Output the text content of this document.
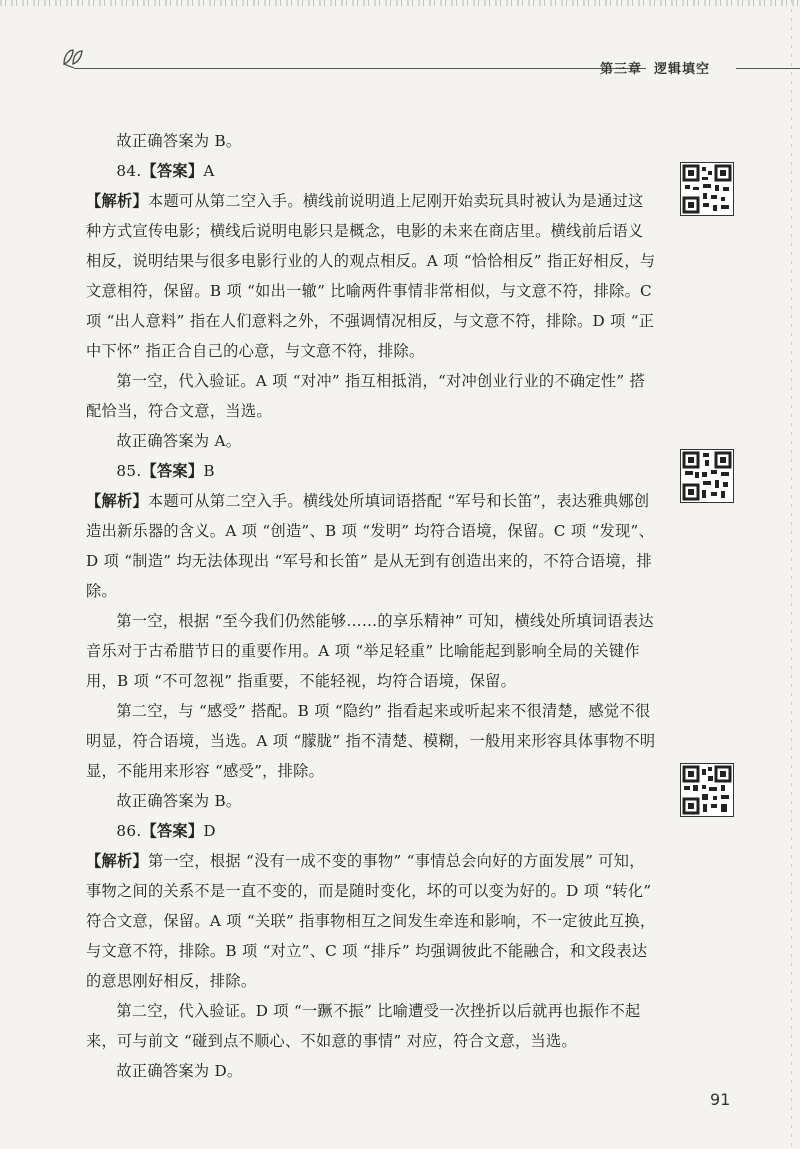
第三章 逻辑填空

故正确答案为 B。

84.【答案】A

【解析】本题可从第二空入手。横线前说明逍上尼刚开始卖玩具时被认为是通过这种方式宣传电影；横线后说明电影只是概念，电影的未来在商店里。横线前后语义相反，说明结果与很多电影行业的人的观点相反。A 项 “恰恰相反” 指正好相反，与文意相符，保留。B 项 “如出一辙” 比喻两件事情非常相似，与文意不符，排除。C 项 “出人意料” 指在人们意料之外，不强调情况相反，与文意不符，排除。D 项 “正中下怀” 指正合自己的心意，与文意不符，排除。

第一空，代入验证。A 项 “对冲” 指互相抵消，“对冲创业行业的不确定性” 搭配恰当，符合文意，当选。

故正确答案为 A。

85.【答案】B

【解析】本题可从第二空入手。横线处所填词语搭配 “军号和长笛”，表达雅典娜创造出新乐器的含义。A 项 “创造”、B 项 “发明” 均符合语境，保留。C 项 “发现”、D 项 “制造” 均无法体现出 “军号和长笛” 是从无到有创造出来的，不符合语境，排除。

第一空，根据 “至今我们仍然能够……的享乐精神” 可知，横线处所填词语表达音乐对于古希腊节日的重要作用。A 项 “举足轻重” 比喻能起到影响全局的关键作用，B 项 “不可忽视” 指重要，不能轻视，均符合语境，保留。

第二空，与 “感受” 搭配。B 项 “隐约” 指看起来或听起来不很清楚，感觉不很明显，符合语境，当选。A 项 “朦胧” 指不清楚、模糊，一般用来形容具体事物不明显，不能用来形容 “感受”，排除。

故正确答案为 B。

86.【答案】D

【解析】第一空，根据 “没有一成不变的事物” “事情总会向好的方面发展” 可知，事物之间的关系不是一直不变的，而是随时变化，坏的可以变为好的。D 项 “转化” 符合文意，保留。A 项 “关联” 指事物相互之间发生牵连和影响，不一定彼此互换，与文意不符，排除。B 项 “对立”、C 项 “排斥” 均强调彼此不能融合，和文段表达的意思刚好相反，排除。

第二空，代入验证。D 项 “一蹶不振” 比喻遭受一次挫折以后就再也振作不起来，可与前文 “碰到点不顺心、不如意的事情” 对应，符合文意，当选。

故正确答案为 D。

91
